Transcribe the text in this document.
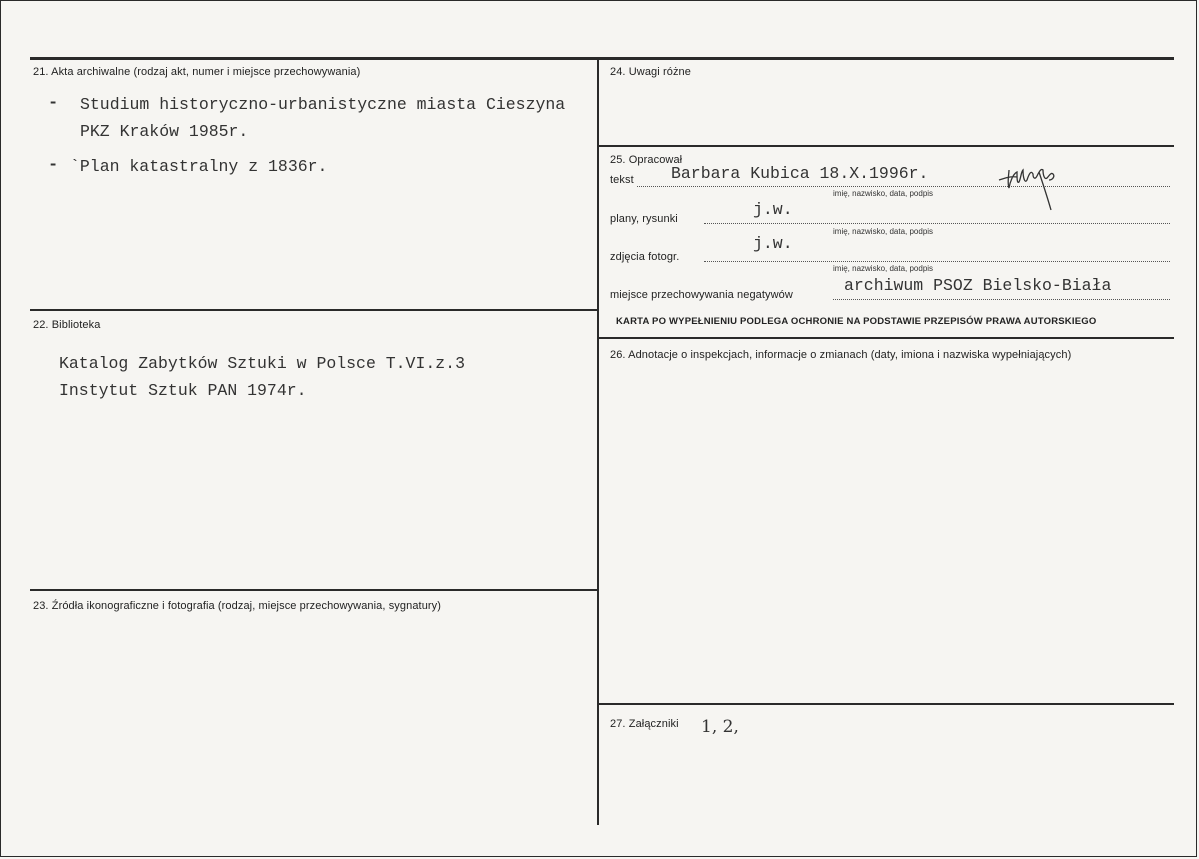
21. Akta archiwalne (rodzaj akt, numer i miejsce przechowywania)
- Studium historyczno-urbanistyczne miasta Cieszyna
PKZ Kraków 1985r.
- `Plan katastralny z 1836r.
22. Biblioteka
Katalog Zabytków Sztuki w Polsce T.VI.z.3
Instytut Sztuk PAN 1974r.
23. Źródła ikonograficzne i fotografia (rodzaj, miejsce przechowywania, sygnatury)
24. Uwagi różne
25. Opracował
tekst Barbara Kubica 18.X.1996r.
imię, nazwisko, data, podpis
plany, rysunki	j.w.
imię, nazwisko, data, podpis
zdjęcia fotogr.
j.w.
imię, nazwisko, data, podpis
miejsce przechowywania negatywów	archiwum PSOZ Bielsko-Biała
KARTA PO WYPEŁNIENIU PODLEGA OCHRONIE NA PODSTAWIE PRZEPISÓW PRAWA AUTORSKIEGO
26. Adnotacje o inspekcjach, informacje o zmianach (daty, imiona i nazwiska wypełniających)
27. Załączniki 1, 2,
